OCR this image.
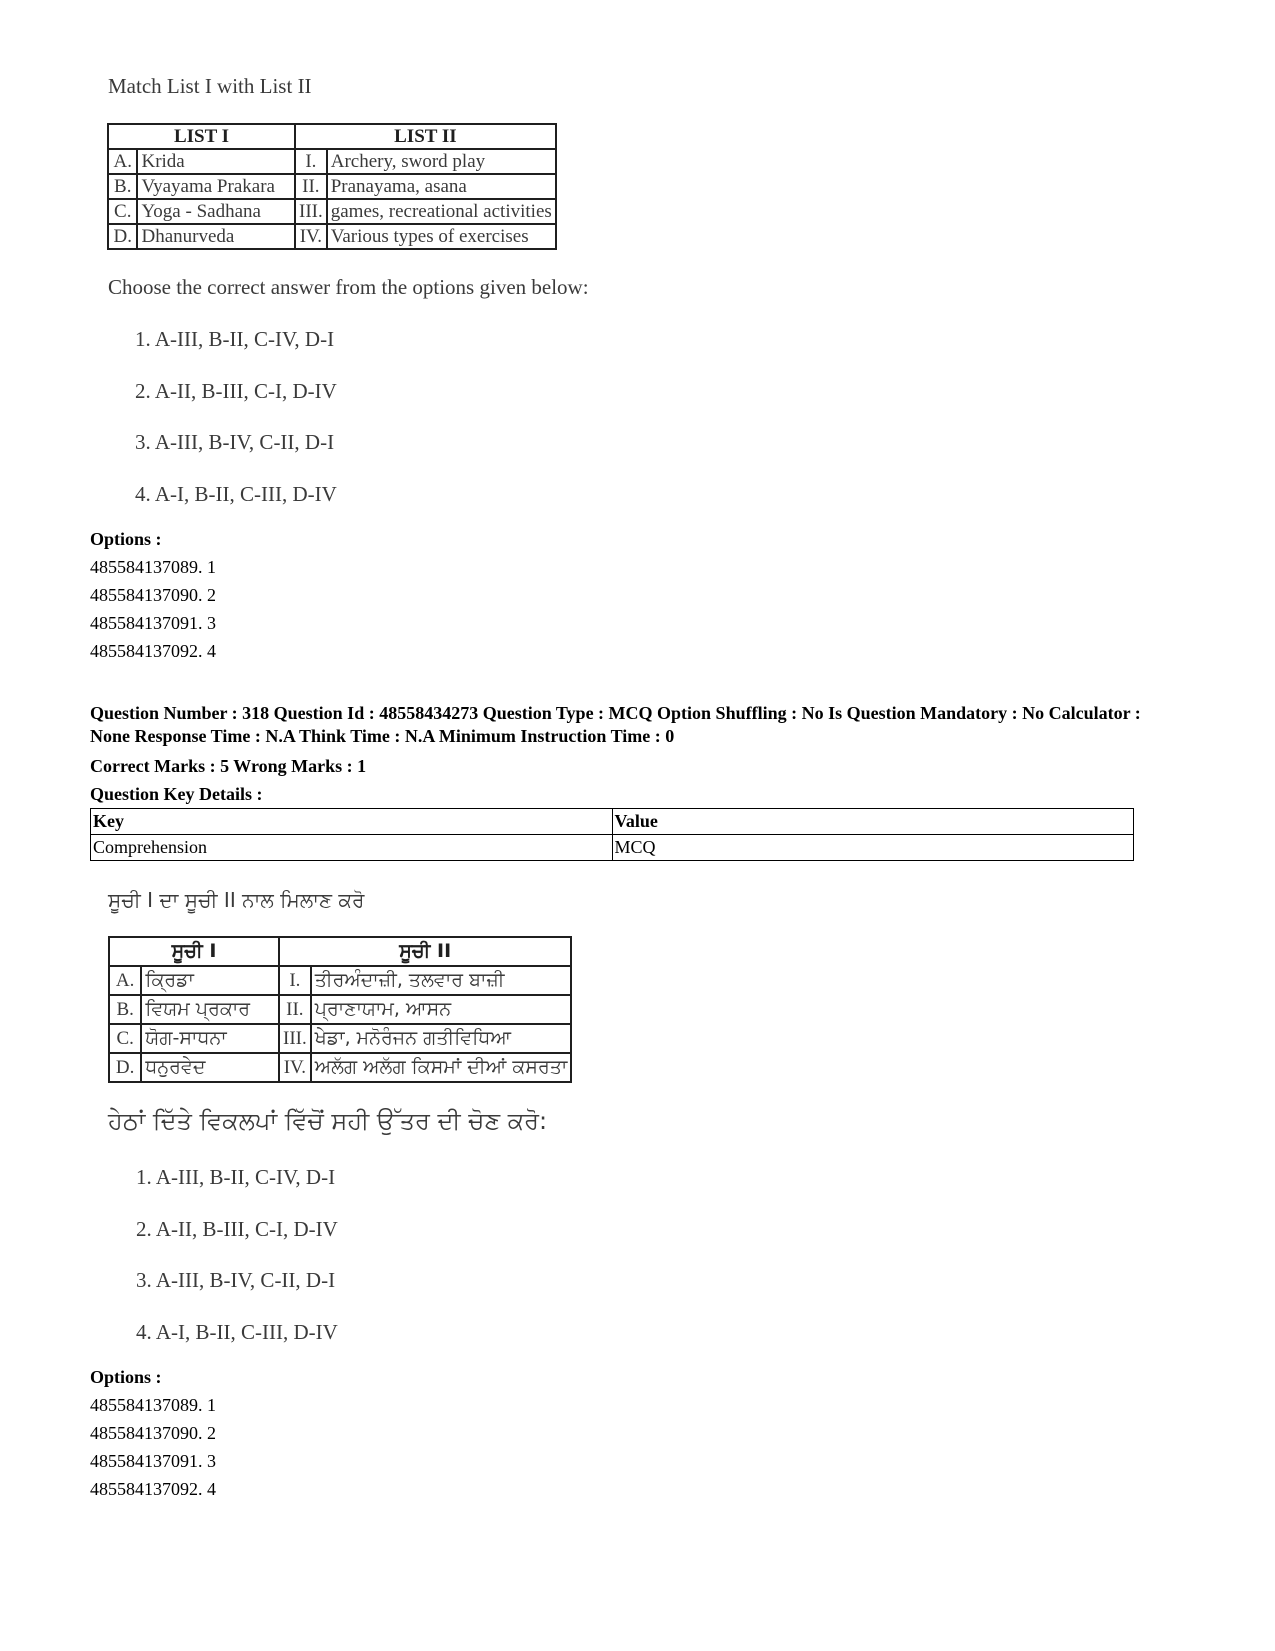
Match List I with List II
LIST I		LIST II	
A.	Krida	I.	Archery, sword play
B.	Vyayama Prakara	II.	Pranayama, asana
C.	Yoga - Sadhana	III.	games, recreational activities
D.	Dhanurveda	IV.	Various types of exercises
Choose the correct answer from the options given below:
1. A-III, B-II, C-IV, D-I
2. A-II, B-III, C-I, D-IV
3. A-III, B-IV, C-II, D-I
4. A-I, B-II, C-III, D-IV
Options :
485584137089. 1
485584137090. 2
485584137091. 3
485584137092. 4
Question Number : 318 Question Id : 48558434273 Question Type : MCQ Option Shuffling : No Is Question Mandatory : No Calculator : None Response Time : N.A Think Time : N.A Minimum Instruction Time : 0
Correct Marks : 5 Wrong Marks : 1
Question Key Details :
Key	Value
Comprehension	MCQ
ਸੂਚੀ I ਦਾ ਸੂਚੀ II ਨਾਲ ਮਿਲਾਣ ਕਰੋ
ਸੂਚੀ I		ਸੂਚੀ II	
A.	ਕ੍ਰਿਡਾ	I.	ਤੀਰਅੰਦਾਜ਼ੀ, ਤਲਵਾਰ ਬਾਜ਼ੀ
B.	ਵਿਯਮ ਪ੍ਰਕਾਰ	II.	ਪ੍ਰਾਣਾਯਾਮ, ਆਸਨ
C.	ਯੋਗ-ਸਾਧਨਾ	III.	ਖੇਡਾ, ਮਨੋਰੰਜਨ ਗਤੀਵਿਧਿਆ
D.	ਧਨੁਰਵੇਦ	IV.	ਅਲੱਗ ਅਲੱਗ ਕਿਸਮਾਂ ਦੀਆਂ ਕਸਰਤਾ
ਹੇਠਾਂ ਦਿੱਤੇ ਵਿਕਲਪਾਂ ਵਿੱਚੋਂ ਸਹੀ ਉੱਤਰ ਦੀ ਚੋਣ ਕਰੋ:
1. A-III, B-II, C-IV, D-I
2. A-II, B-III, C-I, D-IV
3. A-III, B-IV, C-II, D-I
4. A-I, B-II, C-III, D-IV
Options :
485584137089. 1
485584137090. 2
485584137091. 3
485584137092. 4
